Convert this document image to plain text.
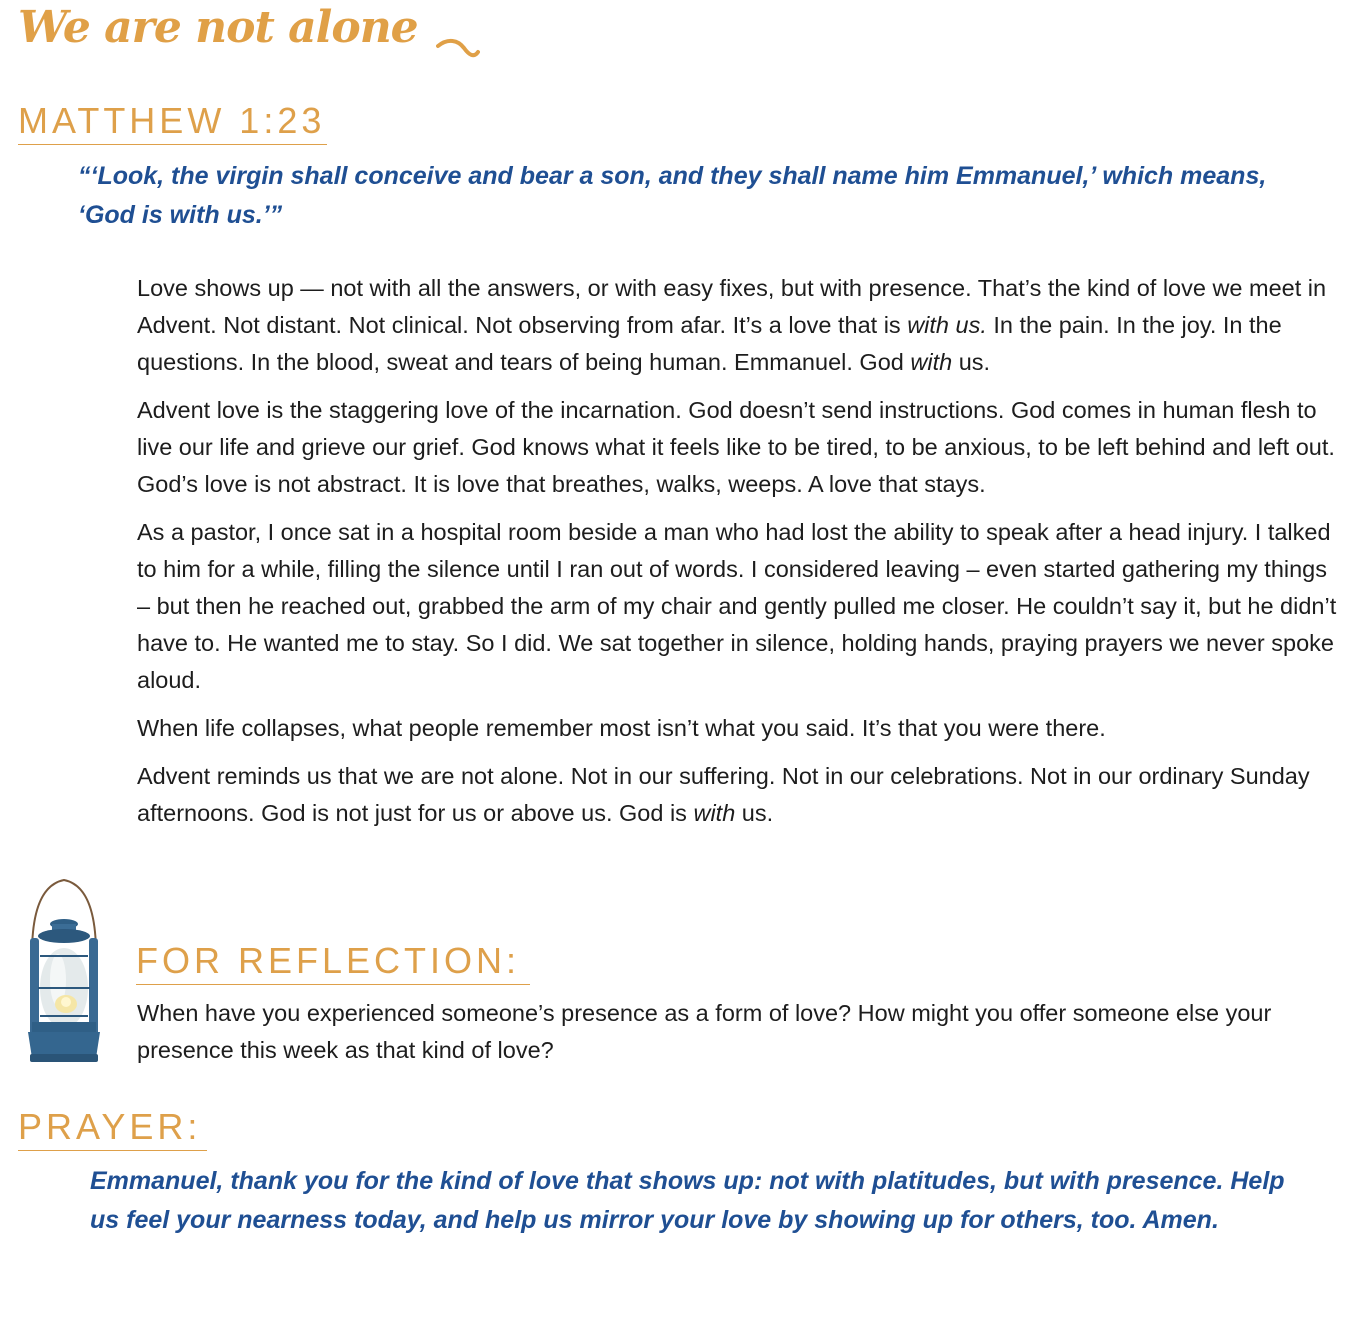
We are not alone
MATTHEW 1:23
“‘Look, the virgin shall conceive and bear a son, and they shall name him Emmanuel,’ which means, ‘God is with us.’”

Love shows up — not with all the answers, or with easy fixes, but with presence. That’s the kind of love we meet in Advent. Not distant. Not clinical. Not observing from afar. It’s a love that is with us. In the pain. In the joy. In the questions. In the blood, sweat and tears of being human. Emmanuel. God with us.

Advent love is the staggering love of the incarnation. God doesn’t send instructions. God comes in human flesh to live our life and grieve our grief. God knows what it feels like to be tired, to be anxious, to be left behind and left out. God’s love is not abstract. It is love that breathes, walks, weeps. A love that stays.

As a pastor, I once sat in a hospital room beside a man who had lost the ability to speak after a head injury. I talked to him for a while, filling the silence until I ran out of words. I considered leaving – even started gathering my things – but then he reached out, grabbed the arm of my chair and gently pulled me closer. He couldn’t say it, but he didn’t have to. He wanted me to stay. So I did. We sat together in silence, holding hands, praying prayers we never spoke aloud.

When life collapses, what people remember most isn’t what you said. It’s that you were there.

Advent reminds us that we are not alone. Not in our suffering. Not in our celebrations. Not in our ordinary Sunday afternoons. God is not just for us or above us. God is with us.

FOR REFLECTION:
When have you experienced someone’s presence as a form of love? How might you offer someone else your presence this week as that kind of love?
PRAYER:
Emmanuel, thank you for the kind of love that shows up: not with platitudes, but with presence. Help us feel your nearness today, and help us mirror your love by showing up for others, too. Amen.
